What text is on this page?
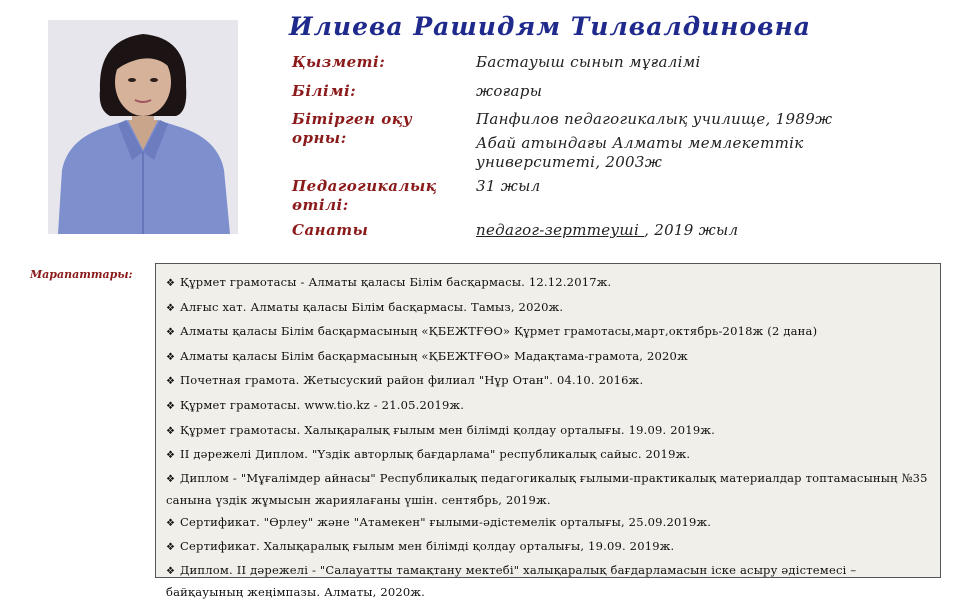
Илиева Рашидям Тилвалдиновна
Қызметі:	Бастауыш сынып мұғалімі
Білімі:	жоғары
Бітірген оқу орны:
Панфилов педагогикалық училище, 1989ж
Абай атындағы Алматы мемлекеттік университеті, 2003ж
Педагогикалық өтілі:
31 жыл
Санаты	педагог-зерттеуші , 2019 жыл
Марапаттары:
❖ Құрмет грамотасы - Алматы қаласы Білім басқармасы. 12.12.2017ж.
❖ Алғыс хат. Алматы қаласы Білім басқармасы. Тамыз, 2020ж.
❖ Алматы қаласы Білім басқармасының «ҚБЕЖТҒӨО» Құрмет грамотасы,март,октябрь-2018ж (2 дана)
❖ Алматы қаласы Білім басқармасының «ҚБЕЖТҒӨО» Мадақтама-грамота, 2020ж
❖ Почетная грамота. Жетысуский район филиал "Нұр Отан". 04.10. 2016ж.
❖ Құрмет грамотасы. www.tio.kz - 21.05.2019ж.
❖ Құрмет грамотасы. Халықаралық ғылым мен білімді қолдау орталығы. 19.09. 2019ж.
❖ II дәрежелі Диплом. "Үздік авторлық бағдарлама" республикалық сайыс. 2019ж.
❖ Диплом - "Мұғалімдер айнасы" Республикалық педагогикалық ғылыми-практикалық материалдар топтамасының №35 санына үздік жұмысын жариялағаны үшін. сентябрь, 2019ж.
❖ Сертификат. "Өрлеу" және "Атамекен" ғылыми-әдістемелік орталығы, 25.09.2019ж.
❖ Сертификат. Халықаралық ғылым мен білімді қолдау орталығы, 19.09. 2019ж.
❖ Диплом. II дәрежелі - "Салауатты тамақтану мектебі" халықаралық бағдарламасын іске асыру әдістемесі – байқауының жеңімпазы. Алматы, 2020ж.
